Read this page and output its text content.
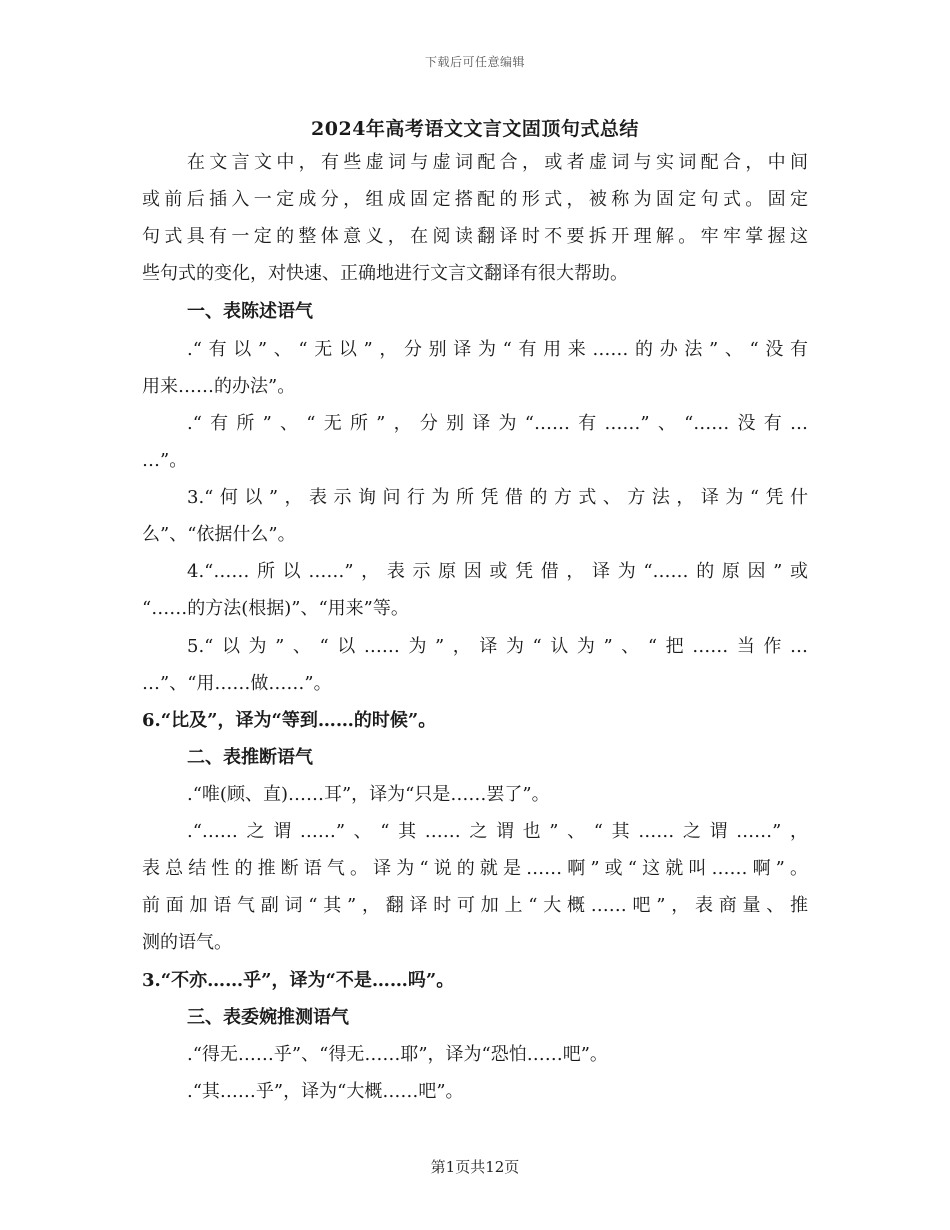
下载后可任意编辑
2024年高考语文文言文固顶句式总结
在文言文中，有些虚词与虚词配合，或者虚词与实词配合，中间
或前后插入一定成分，组成固定搭配的形式，被称为固定句式。固定
句式具有一定的整体意义，在阅读翻译时不要拆开理解。牢牢掌握这
些句式的变化，对快速、正确地进行文言文翻译有很大帮助。
一、表陈述语气
.“有以”、“无以”，分别译为“有用来……的办法”、“没有
用来……的办法”。
.“有所”、“无所”，分别译为“……有……”、“……没有…
…”。
3.“何以”，表示询问行为所凭借的方式、方法，译为“凭什
么”、“依据什么”。
4.“……所以……”，表示原因或凭借，译为“……的原因”或
“……的方法(根据)”、“用来”等。
5.“以为”、“以……为”，译为“认为”、“把……当作…
…”、“用……做……”。
6.“比及”，译为“等到……的时候”。
二、表推断语气
.“唯(顾、直)……耳”，译为“只是……罢了”。
.“……之谓……”、“其……之谓也”、“其……之谓……”，
表总结性的推断语气。译为“说的就是……啊”或“这就叫……啊”。
前面加语气副词“其”，翻译时可加上“大概……吧”，表商量、推
测的语气。
3.“不亦……乎”，译为“不是……吗”。
三、表委婉推测语气
.“得无……乎”、“得无……耶”，译为“恐怕……吧”。
.“其……乎”，译为“大概……吧”。
第1页共12页
